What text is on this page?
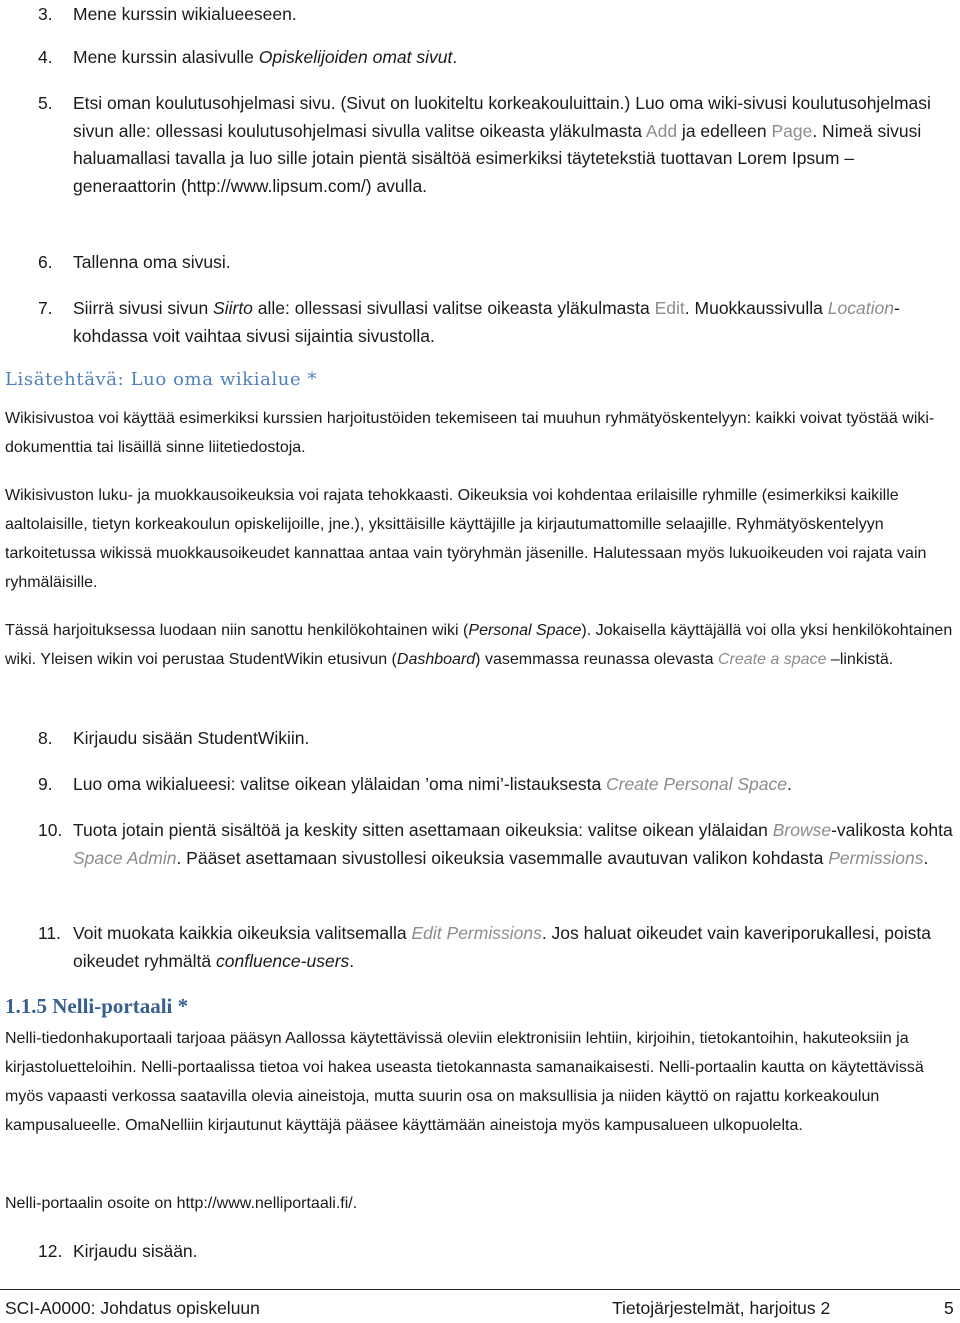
3.	Mene kurssin wikialueeseen.
4.	Mene kurssin alasivulle Opiskelijoiden omat sivut.
5.	Etsi oman koulutusohjelmasi sivu. (Sivut on luokiteltu korkeakouluittain.) Luo oma wiki-sivusi koulutusohjelmasi sivun alle: ollessasi koulutusohjelmasi sivulla valitse oikeasta yläkulmasta Add ja edelleen Page. Nimeä sivusi haluamallasi tavalla ja luo sille jotain pientä sisältöä esimerkiksi täytetekstiä tuottavan Lorem Ipsum –generaattorin (http://www.lipsum.com/) avulla.
6.	Tallenna oma sivusi.
7.	Siirrä sivusi sivun Siirto alle: ollessasi sivullasi valitse oikeasta yläkulmasta Edit. Muokkaussivulla Location-kohdassa voit vaihtaa sivusi sijaintia sivustolla.
Lisätehtävä: Luo oma wikialue *
Wikisivustoa voi käyttää esimerkiksi kurssien harjoitustöiden tekemiseen tai muuhun ryhmätyöskentelyyn: kaikki voivat työstää wiki-dokumenttia tai lisäillä sinne liitetiedostoja.
Wikisivuston luku- ja muokkausoikeuksia voi rajata tehokkaasti. Oikeuksia voi kohdentaa erilaisille ryhmille (esimerkiksi kaikille aaltolaisille, tietyn korkeakoulun opiskelijoille, jne.), yksittäisille käyttäjille ja kirjautumattomille selaajille. Ryhmätyöskentelyyn tarkoitetussa wikissä muokkausoikeudet kannattaa antaa vain työryhmän jäsenille. Halutessaan myös lukuoikeuden voi rajata vain ryhmäläisille.
Tässä harjoituksessa luodaan niin sanottu henkilökohtainen wiki (Personal Space). Jokaisella käyttäjällä voi olla yksi henkilökohtainen wiki. Yleisen wikin voi perustaa StudentWikin etusivun (Dashboard) vasemmassa reunassa olevasta Create a space –linkistä.
8.	Kirjaudu sisään StudentWikiin.
9.	Luo oma wikialueesi: valitse oikean ylälaidan ’oma nimi’-listauksesta Create Personal Space.
10. Tuota jotain pientä sisältöä ja keskity sitten asettamaan oikeuksia: valitse oikean ylälaidan Browse-valikosta kohta Space Admin. Pääset asettamaan sivustollesi oikeuksia vasemmalle avautuvan valikon kohdasta Permissions.
11. Voit muokata kaikkia oikeuksia valitsemalla Edit Permissions. Jos haluat oikeudet vain kaveriporukallesi, poista oikeudet ryhmältä confluence-users.
1.1.5 Nelli-portaali *
Nelli-tiedonhakuportaali tarjoaa pääsyn Aallossa käytettävissä oleviin elektronisiin lehtiin, kirjoihin, tietokantoihin, hakuteoksiin ja kirjastoluetteloihin. Nelli-portaalissa tietoa voi hakea useasta tietokannasta samanaikaisesti. Nelli-portaalin kautta on käytettävissä myös vapaasti verkossa saatavilla olevia aineistoja, mutta suurin osa on maksullisia ja niiden käyttö on rajattu korkeakoulun kampusalueelle. OmaNelliin kirjautunut käyttäjä pääsee käyttämään aineistoja myös kampusalueen ulkopuolelta.
Nelli-portaalin osoite on http://www.nelliportaali.fi/.
12. Kirjaudu sisään.
SCI-A0000: Johdatus opiskeluun	Tietojärjestelmät, harjoitus 2	5
